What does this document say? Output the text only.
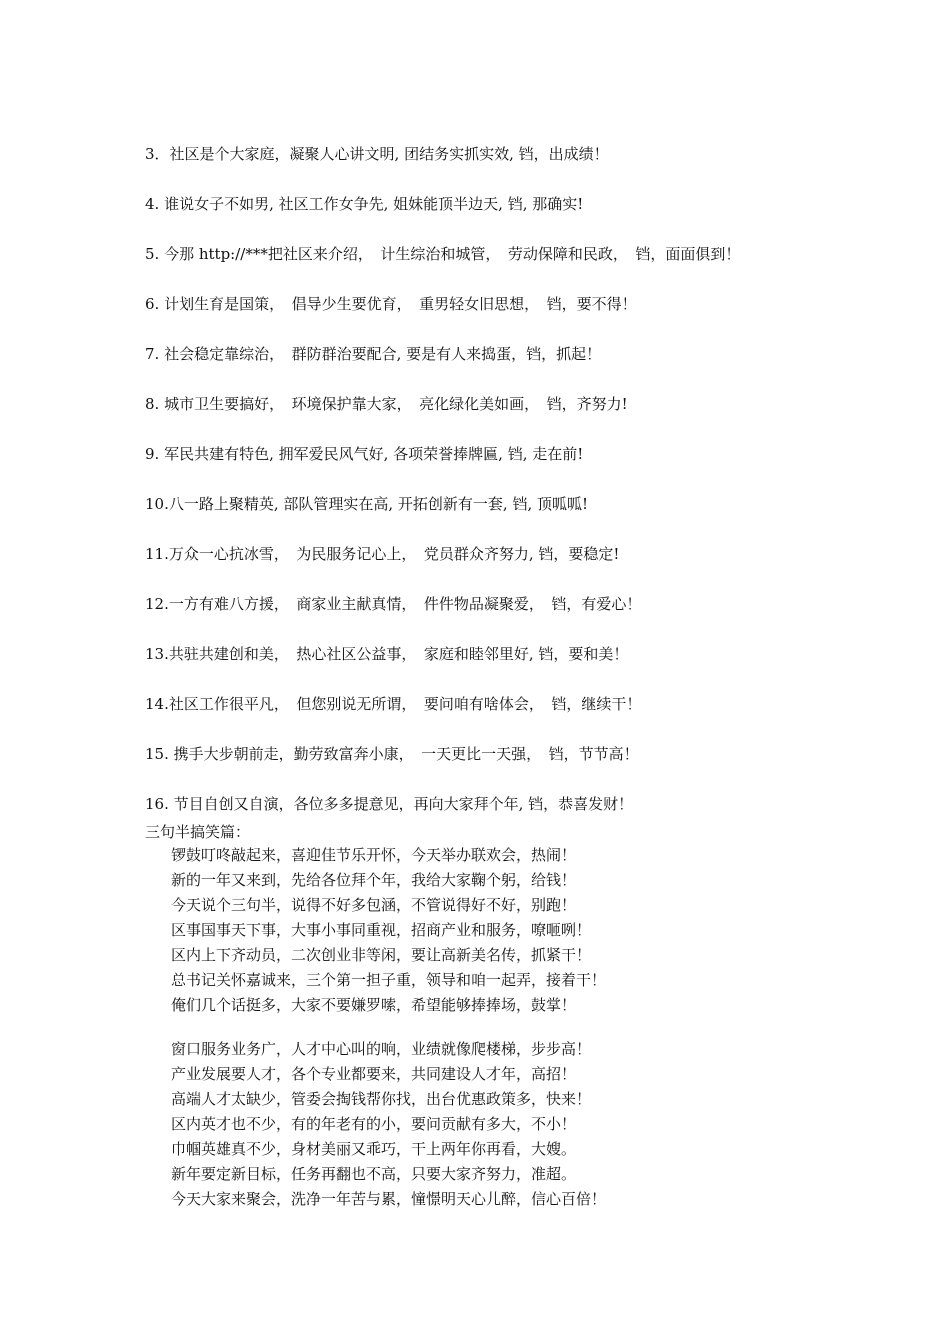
3．社区是个大家庭，凝聚人心讲文明, 团结务实抓实效, 铛，出成绩！
4. 谁说女子不如男, 社区工作女争先, 姐妹能顶半边天, 铛, 那确实!
5. 今那 http://***把社区来介绍，　计生综治和城管，　劳动保障和民政，　铛，面面俱到！
6. 计划生育是国策，　倡导少生要优育，　重男轻女旧思想，　铛，要不得！
7. 社会稳定靠综治，　群防群治要配合, 要是有人来捣蛋，铛，抓起！
8. 城市卫生要搞好，　环境保护靠大家，　亮化绿化美如画，　铛，齐努力!
9. 军民共建有特色, 拥军爱民风气好, 各项荣誉捧牌匾, 铛, 走在前!
10.八一路上聚精英, 部队管理实在高, 开拓创新有一套, 铛, 顶呱呱!
11.万众一心抗冰雪，　为民服务记心上，　党员群众齐努力, 铛，要稳定!
12.一方有难八方援，　商家业主献真情，　件件物品凝聚爱，　铛，有爱心！
13.共驻共建创和美，　热心社区公益事，　家庭和睦邻里好, 铛，要和美！
14.社区工作很平凡，　但您别说无所谓，　要问咱有啥体会，　铛，继续干！
15. 携手大步朝前走，勤劳致富奔小康，　一天更比一天强，　铛，节节高！
16. 节目自创又自演，各位多多提意见，再向大家拜个年, 铛，恭喜发财！
三句半搞笑篇：
锣鼓叮咚敲起来，喜迎佳节乐开怀，今天举办联欢会，热闹！
新的一年又来到，先给各位拜个年，我给大家鞠个躬，给钱！
今天说个三句半，说得不好多包涵，不管说得好不好，别跑！
区事国事天下事，大事小事同重视，招商产业和服务，嘹咂咧！
区内上下齐动员，二次创业非等闲，要让高新美名传，抓紧干！
总书记关怀嘉诚来，三个第一担子重，领导和咱一起弄，接着干！
俺们几个话挺多，大家不要嫌罗嗦，希望能够捧捧场，鼓掌！
窗口服务业务广，人才中心叫的响，业绩就像爬楼梯，步步高！
产业发展要人才，各个专业都要来，共同建设人才年，高招！
高端人才太缺少，管委会掏钱帮你找，出台优惠政策多，快来！
区内英才也不少，有的年老有的小，要问贡献有多大，不小！
巾帼英雄真不少，身材美丽又乖巧，干上两年你再看，大嫂。
新年要定新目标，任务再翻也不高，只要大家齐努力，准超。
今天大家来聚会，洗净一年苦与累，憧憬明天心儿醉，信心百倍！
